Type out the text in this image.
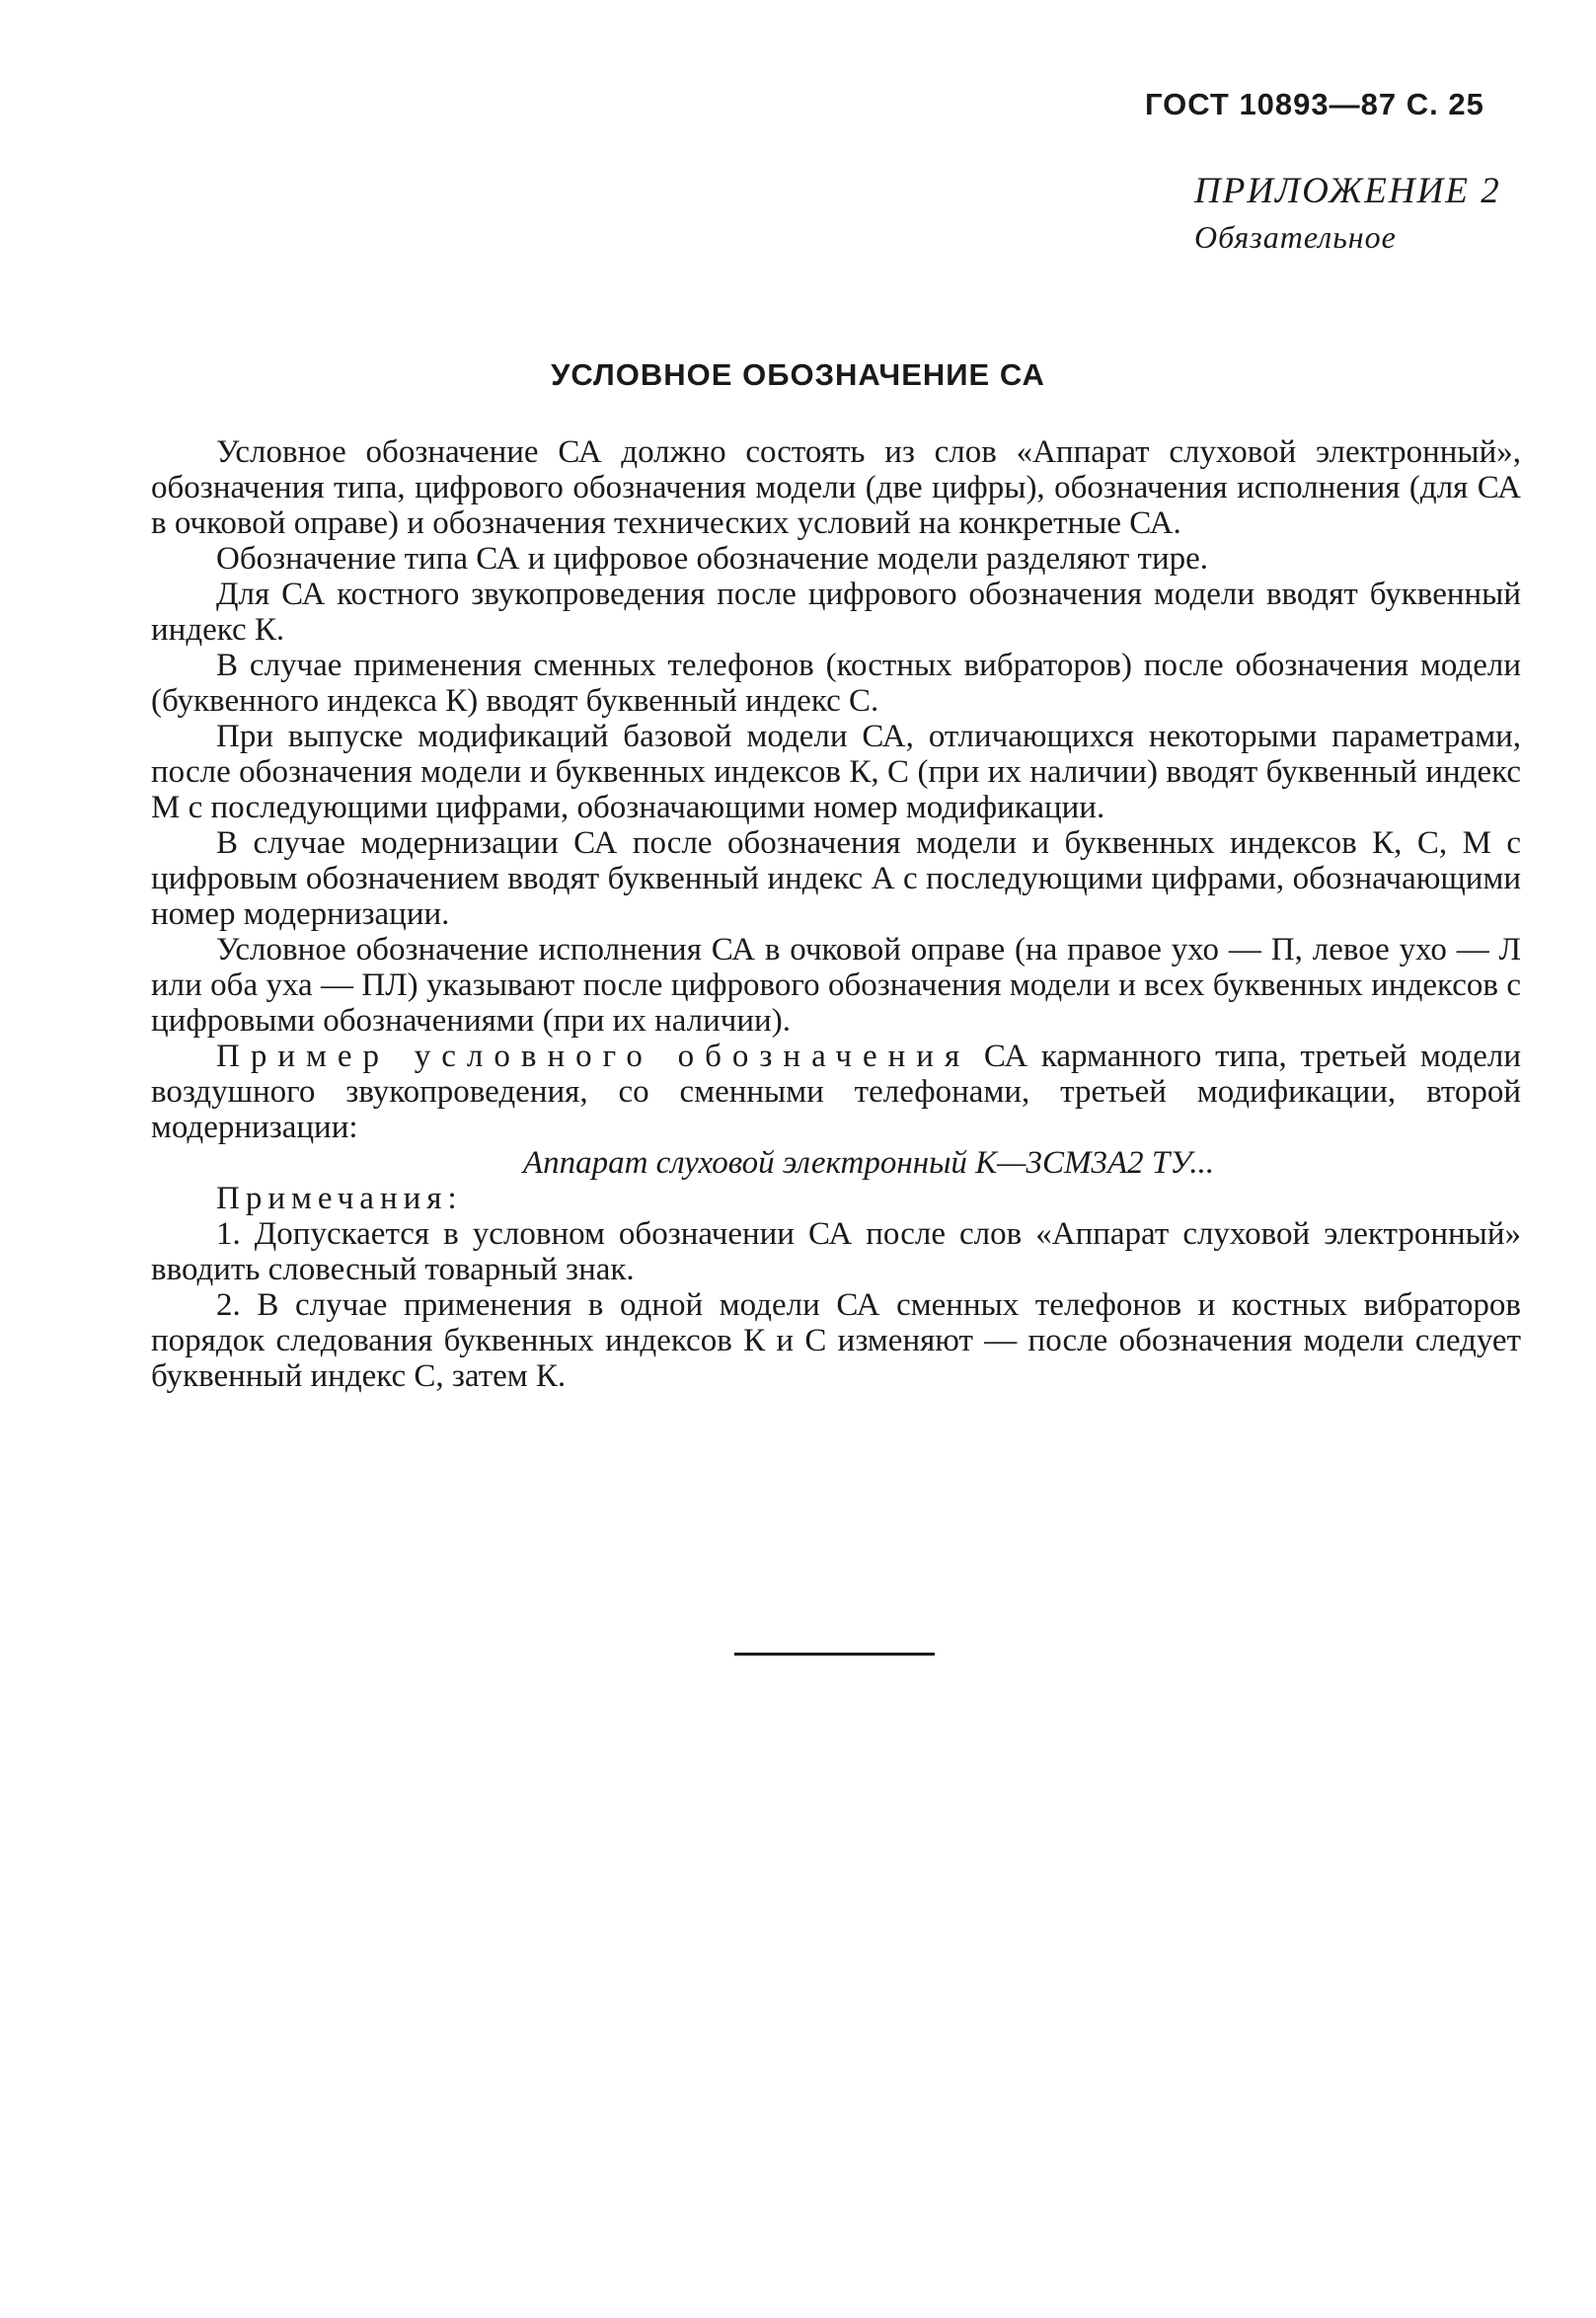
ГОСТ 10893—87 С. 25
ПРИЛОЖЕНИЕ 2
Обязательное
УСЛОВНОЕ ОБОЗНАЧЕНИЕ СА

Условное обозначение СА должно состоять из слов «Аппарат слуховой электронный», обозначения типа, цифрового обозначения модели (две цифры), обозначения исполнения (для СА в очковой оправе) и обозначения технических условий на конкретные СА.

Обозначение типа СА и цифровое обозначение модели разделяют тире.

Для СА костного звукопроведения после цифрового обозначения модели вводят буквенный индекс К.

В случае применения сменных телефонов (костных вибраторов) после обозначения модели (буквенного индекса К) вводят буквенный индекс С.

При выпуске модификаций базовой модели СА, отличающихся некоторыми параметрами, после обозначения модели и буквенных индексов К, С (при их наличии) вводят буквенный индекс М с последующими цифрами, обозначающими номер модификации.

В случае модернизации СА после обозначения модели и буквенных индексов К, С, М с цифровым обозначением вводят буквенный индекс А с последующими цифрами, обозначающими номер модернизации.

Условное обозначение исполнения СА в очковой оправе (на правое ухо — П, левое ухо — Л или оба уха — ПЛ) указывают после цифрового обозначения модели и всех буквенных индексов с цифровыми обозначениями (при их наличии).

Пример условного обозначения СА карманного типа, третьей модели воздушного звукопроведения, со сменными телефонами, третьей модификации, второй модернизации:

Аппарат слуховой электронный К—3СМ3А2 ТУ...

Примечания:

1. Допускается в условном обозначении СА после слов «Аппарат слуховой электронный» вводить словесный товарный знак.

2. В случае применения в одной модели СА сменных телефонов и костных вибраторов порядок следования буквенных индексов К и С изменяют — после обозначения модели следует буквенный индекс С, затем К.
